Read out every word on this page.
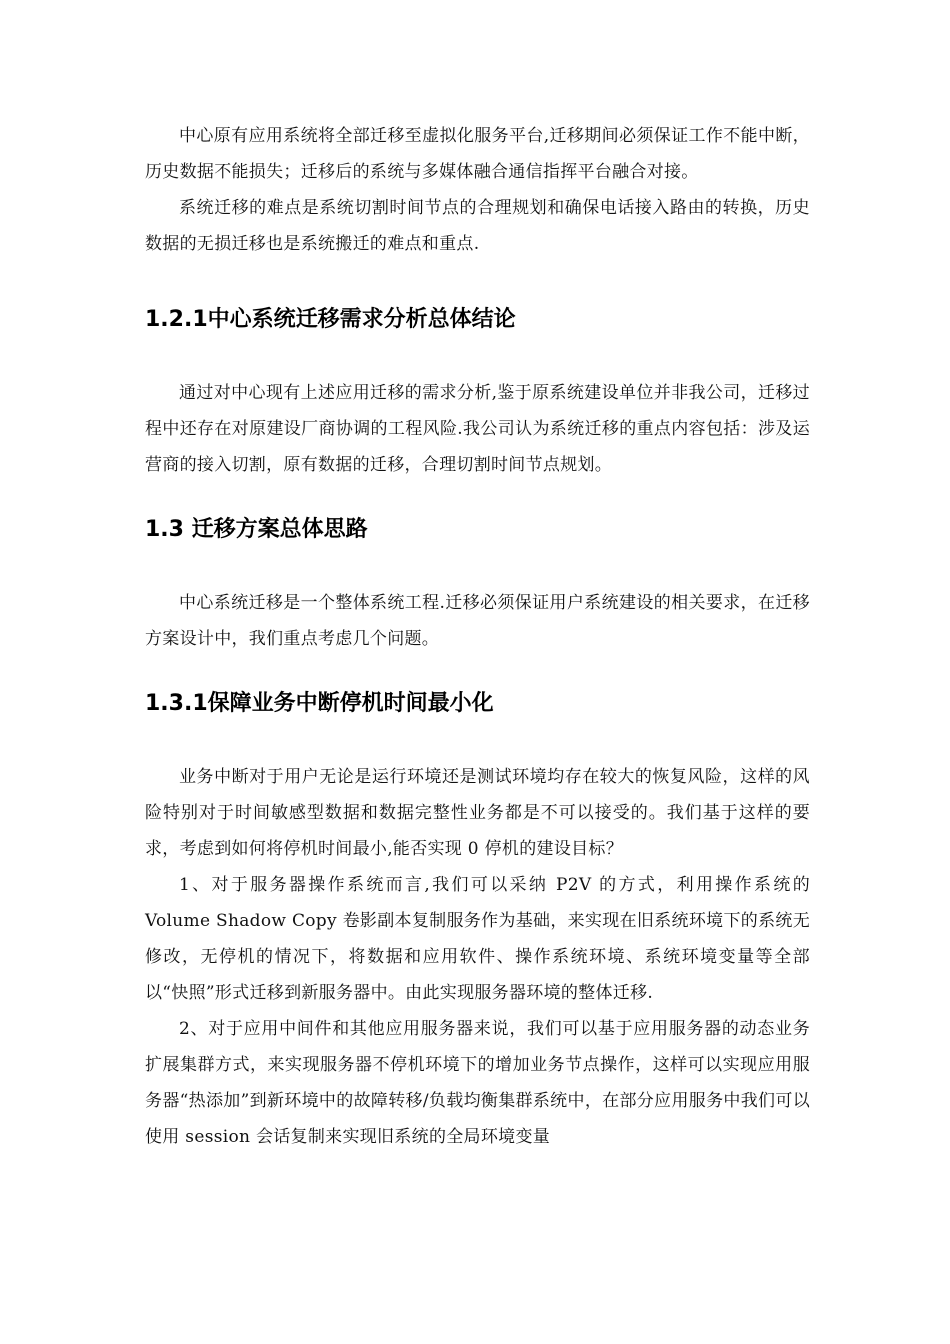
中心原有应用系统将全部迁移至虚拟化服务平台,迁移期间必须保证工作不能中断，历史数据不能损失；迁移后的系统与多媒体融合通信指挥平台融合对接。

系统迁移的难点是系统切割时间节点的合理规划和确保电话接入路由的转换，历史数据的无损迁移也是系统搬迁的难点和重点.

1.2.1中心系统迁移需求分析总体结论

通过对中心现有上述应用迁移的需求分析,鉴于原系统建设单位并非我公司，迁移过程中还存在对原建设厂商协调的工程风险.我公司认为系统迁移的重点内容包括：涉及运营商的接入切割，原有数据的迁移，合理切割时间节点规划。

1.3 迁移方案总体思路

中心系统迁移是一个整体系统工程.迁移必须保证用户系统建设的相关要求，在迁移方案设计中，我们重点考虑几个问题。

1.3.1保障业务中断停机时间最小化

业务中断对于用户无论是运行环境还是测试环境均存在较大的恢复风险，这样的风险特别对于时间敏感型数据和数据完整性业务都是不可以接受的。我们基于这样的要求，考虑到如何将停机时间最小,能否实现 0 停机的建设目标？

1、对于服务器操作系统而言,我们可以采纳 P2V 的方式，利用操作系统的 Volume Shadow Copy 卷影副本复制服务作为基础，来实现在旧系统环境下的系统无修改，无停机的情况下，将数据和应用软件、操作系统环境、系统环境变量等全部以“快照”形式迁移到新服务器中。由此实现服务器环境的整体迁移.

2、对于应用中间件和其他应用服务器来说，我们可以基于应用服务器的动态业务扩展集群方式，来实现服务器不停机环境下的增加业务节点操作，这样可以实现应用服务器“热添加”到新环境中的故障转移/负载均衡集群系统中，在部分应用服务中我们可以使用 session 会话复制来实现旧系统的全局环境变量
